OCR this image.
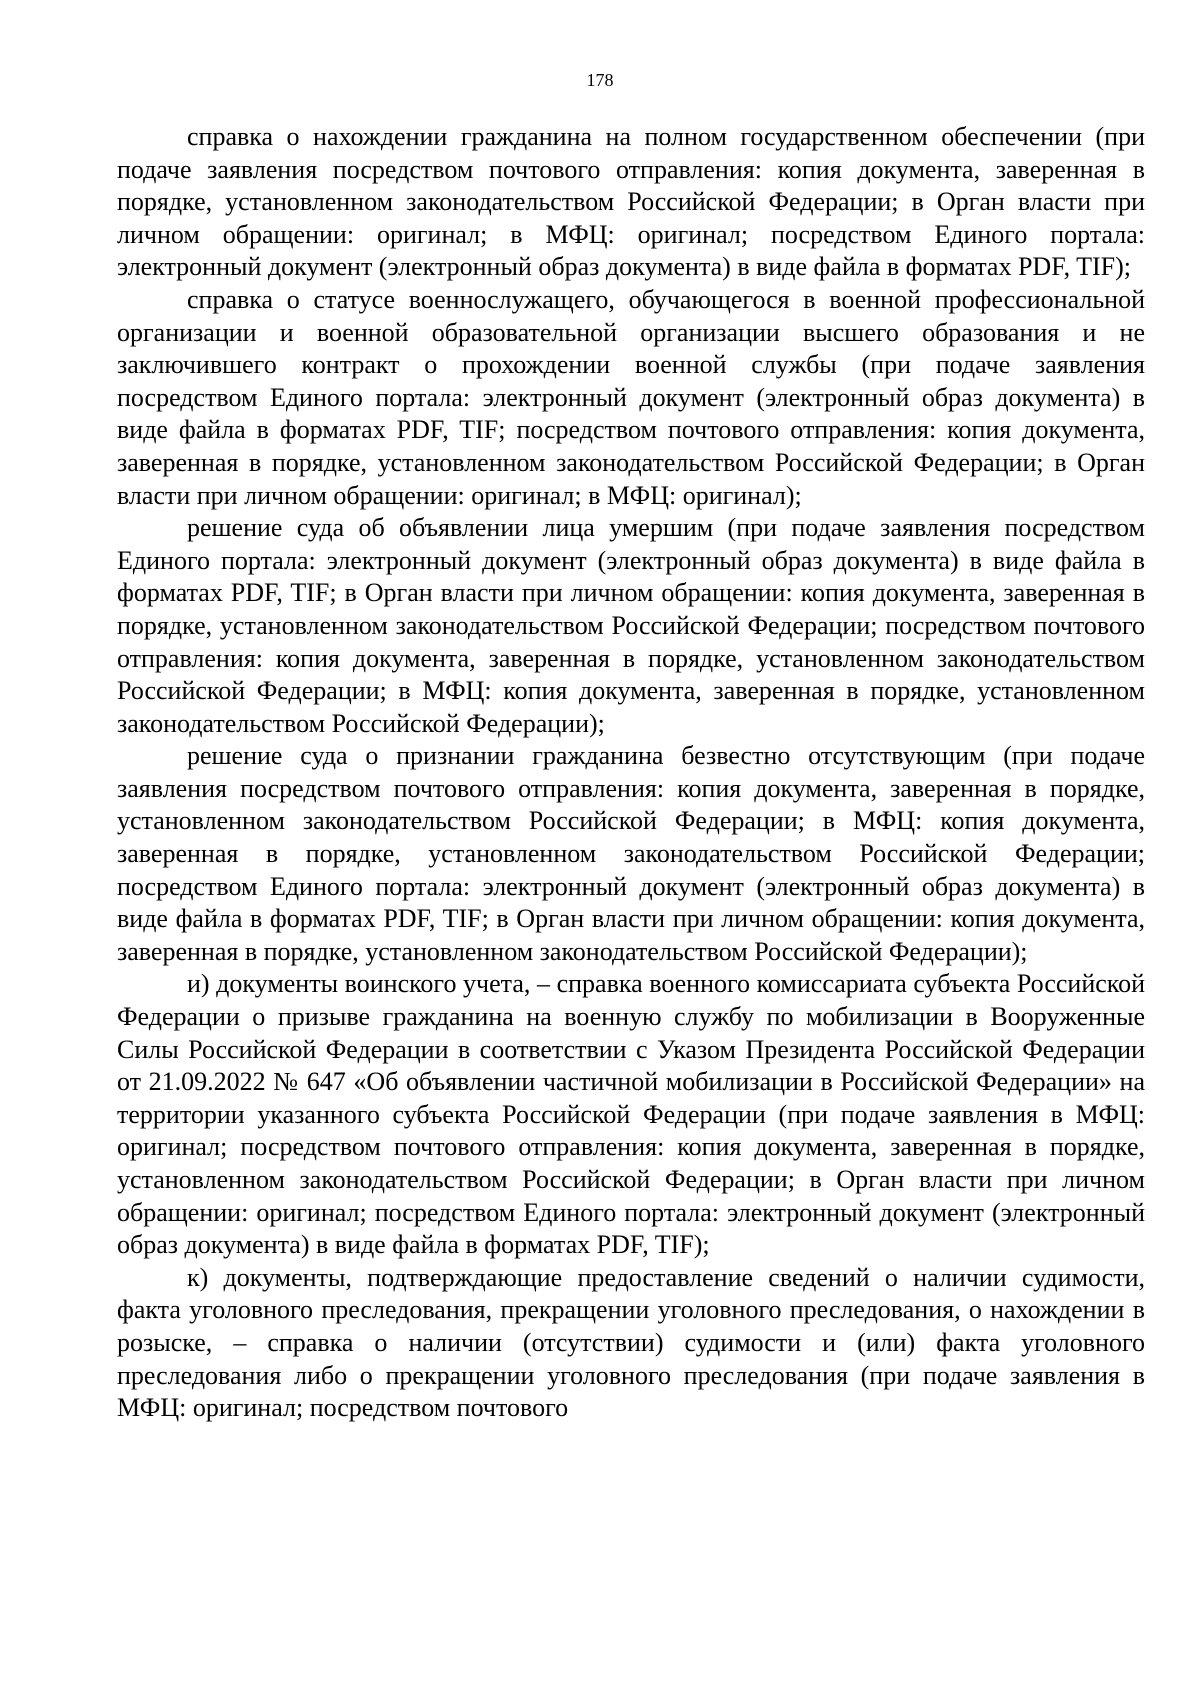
178

справка о нахождении гражданина на полном государственном обеспечении (при подаче заявления посредством почтового отправления: копия документа, заверенная в порядке, установленном законодательством Российской Федерации; в Орган власти при личном обращении: оригинал; в МФЦ: оригинал; посредством Единого портала: электронный документ (электронный образ документа) в виде файла в форматах PDF, TIF);

справка о статусе военнослужащего, обучающегося в военной профессиональной организации и военной образовательной организации высшего образования и не заключившего контракт о прохождении военной службы (при подаче заявления посредством Единого портала: электронный документ (электронный образ документа) в виде файла в форматах PDF, TIF; посредством почтового отправления: копия документа, заверенная в порядке, установленном законодательством Российской Федерации; в Орган власти при личном обращении: оригинал; в МФЦ: оригинал);

решение суда об объявлении лица умершим (при подаче заявления посредством Единого портала: электронный документ (электронный образ документа) в виде файла в форматах PDF, TIF; в Орган власти при личном обращении: копия документа, заверенная в порядке, установленном законодательством Российской Федерации; посредством почтового отправления: копия документа, заверенная в порядке, установленном законодательством Российской Федерации; в МФЦ: копия документа, заверенная в порядке, установленном законодательством Российской Федерации);

решение суда о признании гражданина безвестно отсутствующим (при подаче заявления посредством почтового отправления: копия документа, заверенная в порядке, установленном законодательством Российской Федерации; в МФЦ: копия документа, заверенная в порядке, установленном законодательством Российской Федерации; посредством Единого портала: электронный документ (электронный образ документа) в виде файла в форматах PDF, TIF; в Орган власти при личном обращении: копия документа, заверенная в порядке, установленном законодательством Российской Федерации);

и) документы воинского учета, – справка военного комиссариата субъекта Российской Федерации о призыве гражданина на военную службу по мобилизации в Вооруженные Силы Российской Федерации в соответствии с Указом Президента Российской Федерации от 21.09.2022 № 647 «Об объявлении частичной мобилизации в Российской Федерации» на территории указанного субъекта Российской Федерации (при подаче заявления в МФЦ: оригинал; посредством почтового отправления: копия документа, заверенная в порядке, установленном законодательством Российской Федерации; в Орган власти при личном обращении: оригинал; посредством Единого портала: электронный документ (электронный образ документа) в виде файла в форматах PDF, TIF);

к) документы, подтверждающие предоставление сведений о наличии судимости, факта уголовного преследования, прекращении уголовного преследования, о нахождении в розыске, – справка о наличии (отсутствии) судимости и (или) факта уголовного преследования либо о прекращении уголовного преследования (при подаче заявления в МФЦ: оригинал; посредством почтового
